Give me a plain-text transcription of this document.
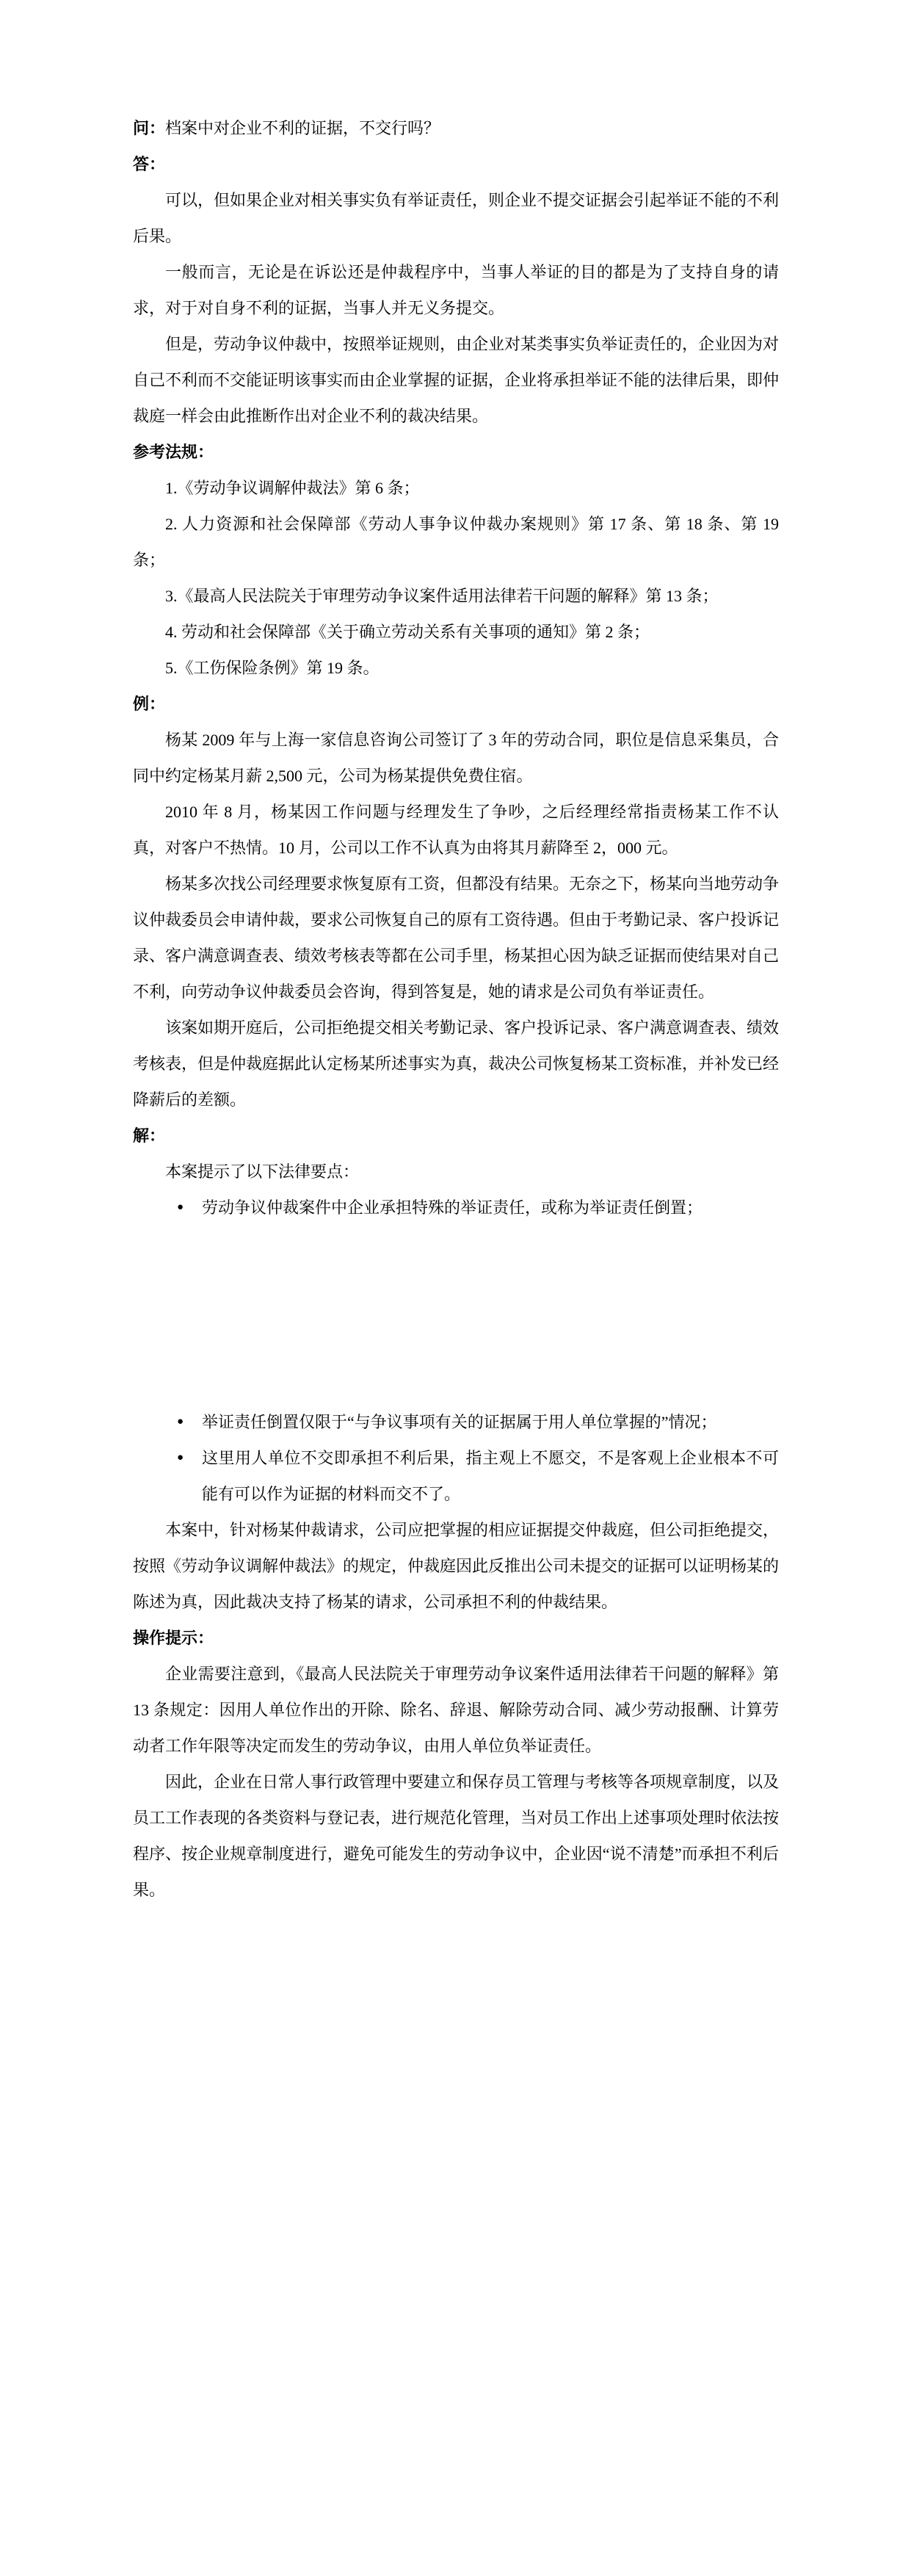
问：档案中对企业不利的证据，不交行吗？

答：

可以，但如果企业对相关事实负有举证责任，则企业不提交证据会引起举证不能的不利后果。

一般而言，无论是在诉讼还是仲裁程序中，当事人举证的目的都是为了支持自身的请求，对于对自身不利的证据，当事人并无义务提交。

但是，劳动争议仲裁中，按照举证规则，由企业对某类事实负举证责任的，企业因为对自己不利而不交能证明该事实而由企业掌握的证据，企业将承担举证不能的法律后果，即仲裁庭一样会由此推断作出对企业不利的裁决结果。

参考法规：

1.《劳动争议调解仲裁法》第 6 条；

2. 人力资源和社会保障部《劳动人事争议仲裁办案规则》第 17 条、第 18 条、第 19 条；

3.《最高人民法院关于审理劳动争议案件适用法律若干问题的解释》第 13 条；

4. 劳动和社会保障部《关于确立劳动关系有关事项的通知》第 2 条；

5.《工伤保险条例》第 19 条。

例：

杨某 2009 年与上海一家信息咨询公司签订了 3 年的劳动合同，职位是信息采集员，合同中约定杨某月薪 2,500 元，公司为杨某提供免费住宿。

2010 年 8 月，杨某因工作问题与经理发生了争吵，之后经理经常指责杨某工作不认真，对客户不热情。10 月，公司以工作不认真为由将其月薪降至 2，000 元。

杨某多次找公司经理要求恢复原有工资，但都没有结果。无奈之下，杨某向当地劳动争议仲裁委员会申请仲裁，要求公司恢复自己的原有工资待遇。但由于考勤记录、客户投诉记录、客户满意调查表、绩效考核表等都在公司手里，杨某担心因为缺乏证据而使结果对自己不利，向劳动争议仲裁委员会咨询，得到答复是，她的请求是公司负有举证责任。

该案如期开庭后，公司拒绝提交相关考勤记录、客户投诉记录、客户满意调查表、绩效考核表，但是仲裁庭据此认定杨某所述事实为真，裁决公司恢复杨某工资标准，并补发已经降薪后的差额。

解：

本案提示了以下法律要点：

● 劳动争议仲裁案件中企业承担特殊的举证责任，或称为举证责任倒置；

● 举证责任倒置仅限于“与争议事项有关的证据属于用人单位掌握的”情况；

● 这里用人单位不交即承担不利后果，指主观上不愿交，不是客观上企业根本不可能有可以作为证据的材料而交不了。

本案中，针对杨某仲裁请求，公司应把掌握的相应证据提交仲裁庭，但公司拒绝提交，按照《劳动争议调解仲裁法》的规定，仲裁庭因此反推出公司未提交的证据可以证明杨某的陈述为真，因此裁决支持了杨某的请求，公司承担不利的仲裁结果。

操作提示：

企业需要注意到，《最高人民法院关于审理劳动争议案件适用法律若干问题的解释》第 13 条规定：因用人单位作出的开除、除名、辞退、解除劳动合同、减少劳动报酬、计算劳动者工作年限等决定而发生的劳动争议，由用人单位负举证责任。

因此，企业在日常人事行政管理中要建立和保存员工管理与考核等各项规章制度，以及员工工作表现的各类资料与登记表，进行规范化管理，当对员工作出上述事项处理时依法按程序、按企业规章制度进行，避免可能发生的劳动争议中，企业因“说不清楚”而承担不利后果。
